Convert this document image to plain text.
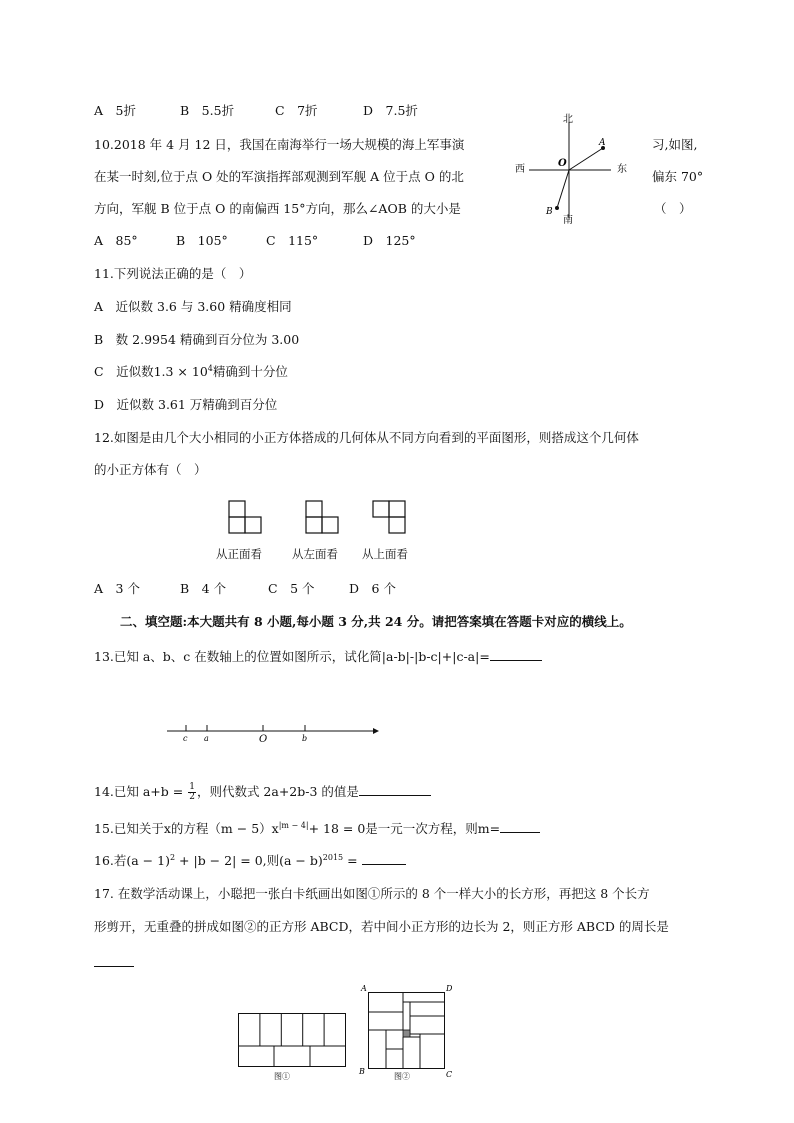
A　5折	B　5.5折	C　7折	D　7.5折
10.2018 年 4 月 12 日，我国在南海举行一场大规模的海上军事演	习,如图,
在某一时刻,位于点 O 处的军演指挥部观测到军舰 A 位于点 O 的北	偏东 70°
方向，军舰 B 位于点 O 的南偏西 15°方向，那么∠AOB 的大小是	（　）
A　85°	B　105°	C　115°	D　125°
北
南
东
西
O
A
B
11.下列说法正确的是（　）
A　近似数 3.6 与 3.60 精确度相同
B　数 2.9954 精确到百分位为 3.00
C　近似数$1.3 \times 10^4$精确到十分位
D　近似数 3.61 万精确到百分位
12.如图是由几个大小相同的小正方体搭成的几何体从不同方向看到的平面图形，则搭成这个几何体
的小正方体有（　）
从正面看	从左面看 从上面看
A　3 个	B　4 个	C　5 个	D　6 个
二、填空题:本大题共有 8 小题,每小题 3 分,共 24 分。请把答案填在答题卡对应的横线上。
13.已知 a、b、c 在数轴上的位置如图所示，试化简|a-b|-|b-c|+|c-a|=
c a	O	b
14.已知 $a+b = \frac{1}{2}$ ，则代数式 2a+2b-3 的值是
15.已知关于x的方程$(m - 5)x^{|m - 4|}+ 18 = 0$是一元一次方程，则m=
16.若$(a - 1)^2 + |b - 2| = 0$,则$(a - b)^{2015}$ =
17. 在数学活动课上，小聪把一张白卡纸画出如图①所示的 8 个一样大小的长方形，再把这 8 个长方
形剪开，无重叠的拼成如图②的正方形 ABCD，若中间小正方形的边长为 2，则正方形 ABCD 的周长是
图①
A	D
B	C
图②
